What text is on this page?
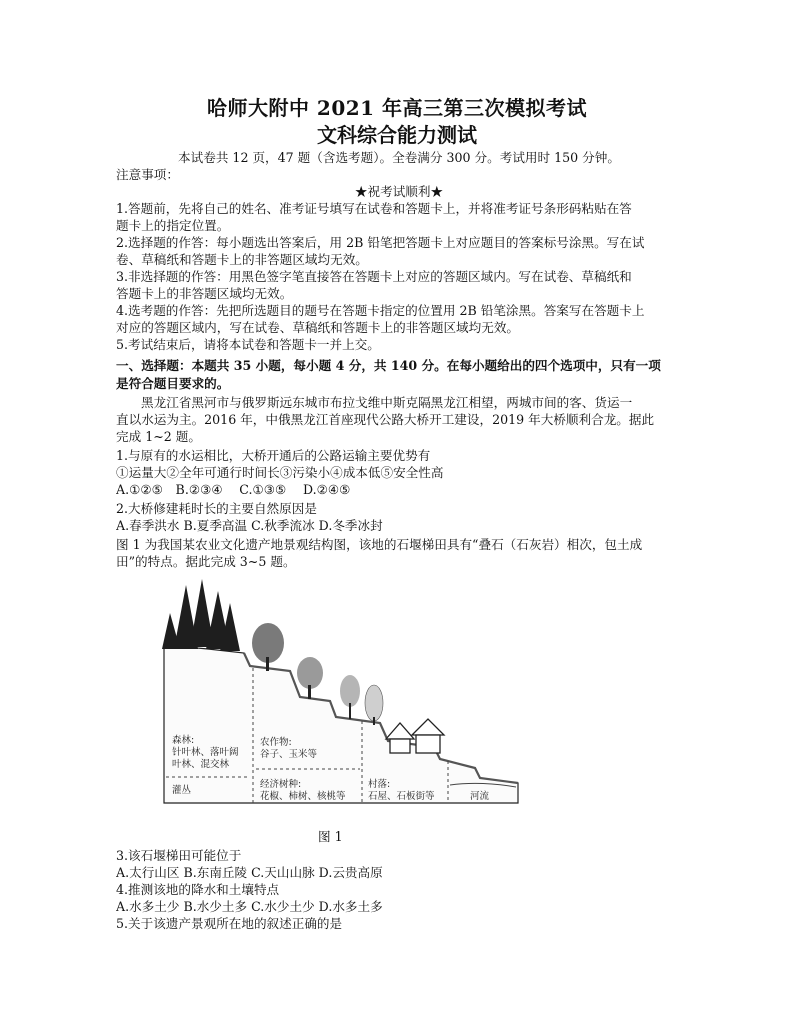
哈师大附中 2021 年高三第三次模拟考试
文科综合能力测试
本试卷共 12 页，47 题（含选考题）。全卷满分 300 分。考试用时 150 分钟。
注意事项：
★祝考试顺利★
1.答题前，先将自己的姓名、准考证号填写在试卷和答题卡上，并将准考证号条形码粘贴在答
题卡上的指定位置。
2.选择题的作答：每小题选出答案后，用 2B 铅笔把答题卡上对应题目的答案标号涂黑。写在试
卷、草稿纸和答题卡上的非答题区域均无效。
3.非选择题的作答：用黑色签字笔直接答在答题卡上对应的答题区域内。写在试卷、草稿纸和
答题卡上的非答题区域均无效。
4.选考题的作答：先把所选题目的题号在答题卡指定的位置用 2B 铅笔涂黑。答案写在答题卡上
对应的答题区域内，写在试卷、草稿纸和答题卡上的非答题区域均无效。
5.考试结束后，请将本试卷和答题卡一并上交。
一、选择题：本题共 35 小题，每小题 4 分，共 140 分。在每小题给出的四个选项中，只有一项
是符合题目要求的。
黑龙江省黑河市与俄罗斯远东城市布拉戈维中斯克隔黑龙江相望，两城市间的客、货运一
直以水运为主。2016 年，中俄黑龙江首座现代公路大桥开工建设，2019 年大桥顺利合龙。据此
完成 1~2 题。
1.与原有的水运相比，大桥开通后的公路运输主要优势有
①运量大②全年可通行时间长③污染小④成本低⑤安全性高
A.①②⑤　B.②③④　 C.①③⑤　 D.②④⑤
2.大桥修建耗时长的主要自然原因是
A.春季洪水 B.夏季高温 C.秋季流冰 D.冬季冰封
图 1 为我国某农业文化遗产地景观结构图，该地的石堰梯田具有“叠石（石灰岩）相次，包土成
田”的特点。据此完成 3~5 题。
森林:
针叶林、落叶阔
叶林、混交林
灌丛
农作物:
谷子、玉米等
经济树种:
花椒、柿树、核桃等
村落:
石屋、石板街等	河流
图 1
3.该石堰梯田可能位于
A.太行山区 B.东南丘陵 C.天山山脉 D.云贵高原
4.推测该地的降水和土壤特点
A.水多土少 B.水少土多 C.水少土少 D.水多土多
5.关于该遗产景观所在地的叙述正确的是
